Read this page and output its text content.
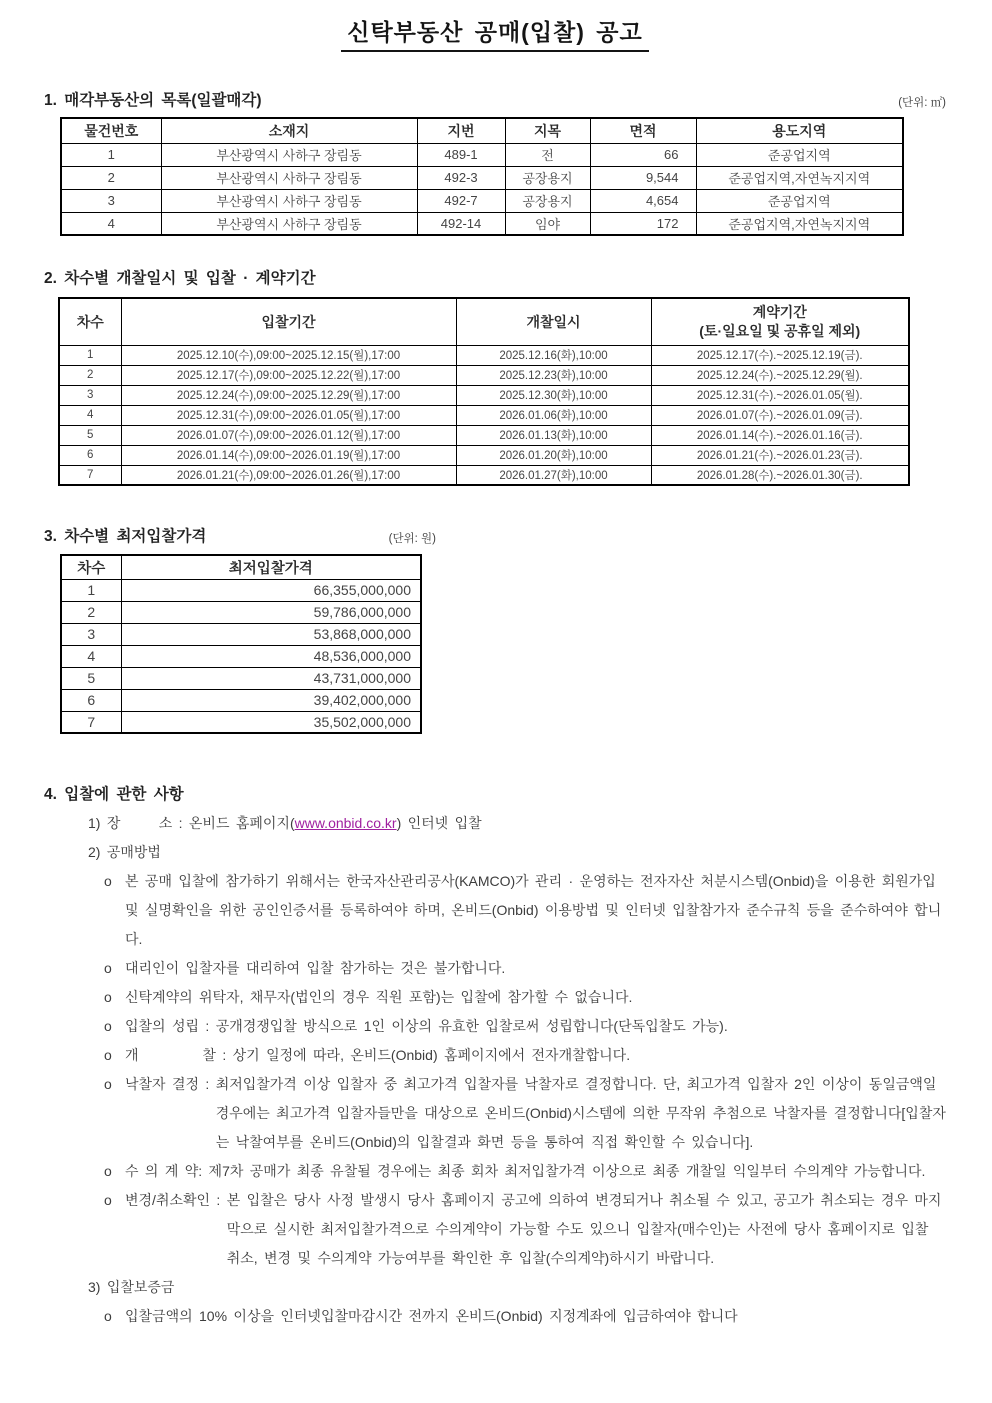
신탁부동산 공매(입찰) 공고
1. 매각부동산의 목록(일괄매각)	(단위: ㎡)
물건번호	소재지	지번	지목	면적	용도지역
1	부산광역시 사하구 장림동	489-1	전	66	준공업지역
2	부산광역시 사하구 장림동	492-3	공장용지	9,544	준공업지역,자연녹지지역
3	부산광역시 사하구 장림동	492-7	공장용지	4,654	준공업지역
4	부산광역시 사하구 장림동	492-14	임야	172	준공업지역,자연녹지지역
2. 차수별 개찰일시 및 입찰 · 계약기간
차수	입찰기간	개찰일시	계약기간
(토·일요일 및 공휴일 제외)

1	2025.12.10(수),09:00~2025.12.15(월),17:00	2025.12.16(화),10:00	2025.12.17(수).~2025.12.19(금).
2	2025.12.17(수),09:00~2025.12.22(월),17:00	2025.12.23(화),10:00	2025.12.24(수).~2025.12.29(월).
3	2025.12.24(수),09:00~2025.12.29(월),17:00	2025.12.30(화),10:00	2025.12.31(수).~2026.01.05(월).
4	2025.12.31(수),09:00~2026.01.05(월),17:00	2026.01.06(화),10:00	2026.01.07(수).~2026.01.09(금).
5	2026.01.07(수),09:00~2026.01.12(월),17:00	2026.01.13(화),10:00	2026.01.14(수).~2026.01.16(금).
6	2026.01.14(수),09:00~2026.01.19(월),17:00	2026.01.20(화),10:00	2026.01.21(수).~2026.01.23(금).
7	2026.01.21(수),09:00~2026.01.26(월),17:00	2026.01.27(화),10:00	2026.01.28(수).~2026.01.30(금).
3. 차수별 최저입찰가격	(단위: 원)
차수	최저입찰가격
1	66,355,000,000
2	59,786,000,000
3	53,868,000,000
4	48,536,000,000
5	43,731,000,000
6	39,402,000,000
7	35,502,000,000
4. 입찰에 관한 사항
1) 장      소 : 온비드 홈페이지(www.onbid.co.kr) 인터넷 입찰
2) 공매방법
o 본 공매 입찰에 참가하기 위해서는 한국자산관리공사(KAMCO)가 관리 · 운영하는 전자자산 처분시스템(Onbid)을 이용한 회원가입 및 실명확인을 위한 공인인증서를 등록하여야 하며, 온비드(Onbid) 이용방법 및 인터넷 입찰참가자 준수규칙 등을 준수하여야 합니다.
o 대리인이 입찰자를 대리하여 입찰 참가하는 것은 불가합니다.
o 신탁계약의 위탁자, 채무자(법인의 경우 직원 포함)는 입찰에 참가할 수 없습니다.
o 입찰의 성립 : 공개경쟁입찰 방식으로 1인 이상의 유효한 입찰로써 성립합니다(단독입찰도 가능).
o 개          찰 : 상기 일정에 따라, 온비드(Onbid) 홈페이지에서 전자개찰합니다.
o 낙찰자 결정 : 최저입찰가격 이상 입찰자 중 최고가격 입찰자를 낙찰자로 결정합니다. 단, 최고가격 입찰자 2인 이상이 동일금액일 경우에는 최고가격 입찰자들만을 대상으로 온비드(Onbid)시스템에 의한 무작위 추첨으로 낙찰자를 결정합니다[입찰자는 낙찰여부를 온비드(Onbid)의 입찰결과 화면 등을 통하여 직접 확인할 수 있습니다].
o 수 의 계 약: 제7차 공매가 최종 유찰될 경우에는 최종 회차 최저입찰가격 이상으로 최종 개찰일 익일부터 수의계약 가능합니다.
o 변경/취소확인 : 본 입찰은 당사 사정 발생시 당사 홈페이지 공고에 의하여 변경되거나 취소될 수 있고, 공고가 취소되는 경우 마지막으로 실시한 최저입찰가격으로 수의계약이 가능할 수도 있으니 입찰자(매수인)는 사전에 당사 홈페이지로 입찰 취소, 변경 및 수의계약 가능여부를 확인한 후 입찰(수의계약)하시기 바랍니다.
3) 입찰보증금
o 입찰금액의 10% 이상을 인터넷입찰마감시간 전까지 온비드(Onbid) 지정계좌에 입금하여야 합니다
